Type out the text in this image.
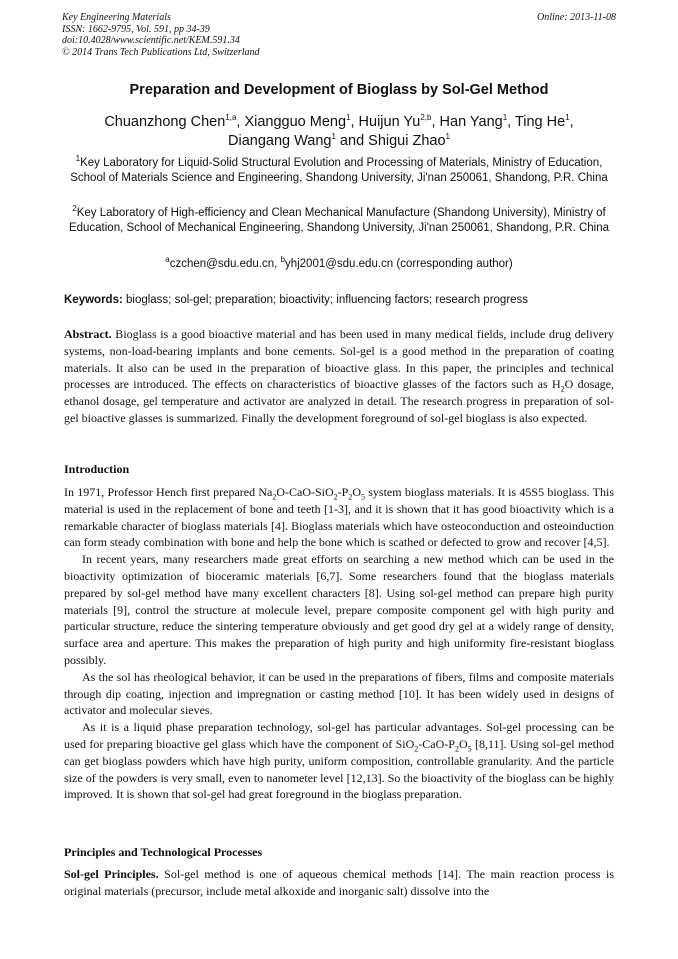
Key Engineering Materials
ISSN: 1662-9795, Vol. 591, pp 34-39
doi:10.4028/www.scientific.net/KEM.591.34
© 2014 Trans Tech Publications Ltd, Switzerland
Online: 2013-11-08
Preparation and Development of Bioglass by Sol-Gel Method
Chuanzhong Chen$^{1,a}$, Xiangguo Meng$^1$, Huijun Yu$^{2,b}$, Han Yang$^1$, Ting He$^1$,
Diangang Wang$^1$ and Shigui Zhao$^1$
$^1$Key Laboratory for Liquid-Solid Structural Evolution and Processing of Materials, Ministry of Education, School of Materials Science and Engineering, Shandong University, Ji'nan 250061, Shandong, P.R. China
$^2$Key Laboratory of High-efficiency and Clean Mechanical Manufacture (Shandong University), Ministry of Education, School of Mechanical Engineering, Shandong University, Ji'nan 250061, Shandong, P.R. China
$^a$czchen@sdu.edu.cn, $^b$yhj2001@sdu.edu.cn (corresponding author)
Keywords: bioglass; sol-gel; preparation; bioactivity; influencing factors; research progress

Abstract. Bioglass is a good bioactive material and has been used in many medical fields, include drug delivery systems, non-load-bearing implants and bone cements. Sol-gel is a good method in the preparation of coating materials. It also can be used in the preparation of bioactive glass. In this paper, the principles and technical processes are introduced. The effects on characteristics of bioactive glasses of the factors such as $H_2O$ dosage, ethanol dosage, gel temperature and activator are analyzed in detail. The research progress in preparation of sol-gel bioactive glasses is summarized. Finally the development foreground of sol-gel bioglass is also expected.

Introduction

In 1971, Professor Hench first prepared $Na_2O-CaO-SiO_2-P_2O_5$ system bioglass materials. It is 45S5 bioglass. This material is used in the replacement of bone and teeth [1-3], and it is shown that it has good bioactivity which is a remarkable character of bioglass materials [4]. Bioglass materials which have osteoconduction and osteoinduction can form steady combination with bone and help the bone which is scathed or defected to grow and recover [4,5].

In recent years, many researchers made great efforts on searching a new method which can be used in the bioactivity optimization of bioceramic materials [6,7]. Some researchers found that the bioglass materials prepared by sol-gel method have many excellent characters [8]. Using sol-gel method can prepare high purity materials [9], control the structure at molecule level, prepare composite component gel with high purity and particular structure, reduce the sintering temperature obviously and get good dry gel at a widely range of density, surface area and aperture. This makes the preparation of high purity and high uniformity fire-resistant bioglass possibly.

As the sol has rheological behavior, it can be used in the preparations of fibers, films and composite materials through dip coating, injection and impregnation or casting method [10]. It has been widely used in designs of activator and molecular sieves.

As it is a liquid phase preparation technology, sol-gel has particular advantages. Sol-gel processing can be used for preparing bioactive gel glass which have the component of $SiO_2-CaO-P_2O_5$ [8,11]. Using sol-gel method can get bioglass powders which have high purity, uniform composition, controllable granularity. And the particle size of the powders is very small, even to nanometer level [12,13]. So the bioactivity of the bioglass can be highly improved. It is shown that sol-gel had great foreground in the bioglass preparation.

Principles and Technological Processes

Sol-gel Principles. Sol-gel method is one of aqueous chemical methods [14]. The main reaction process is original materials (precursor, include metal alkoxide and inorganic salt) dissolve into the
